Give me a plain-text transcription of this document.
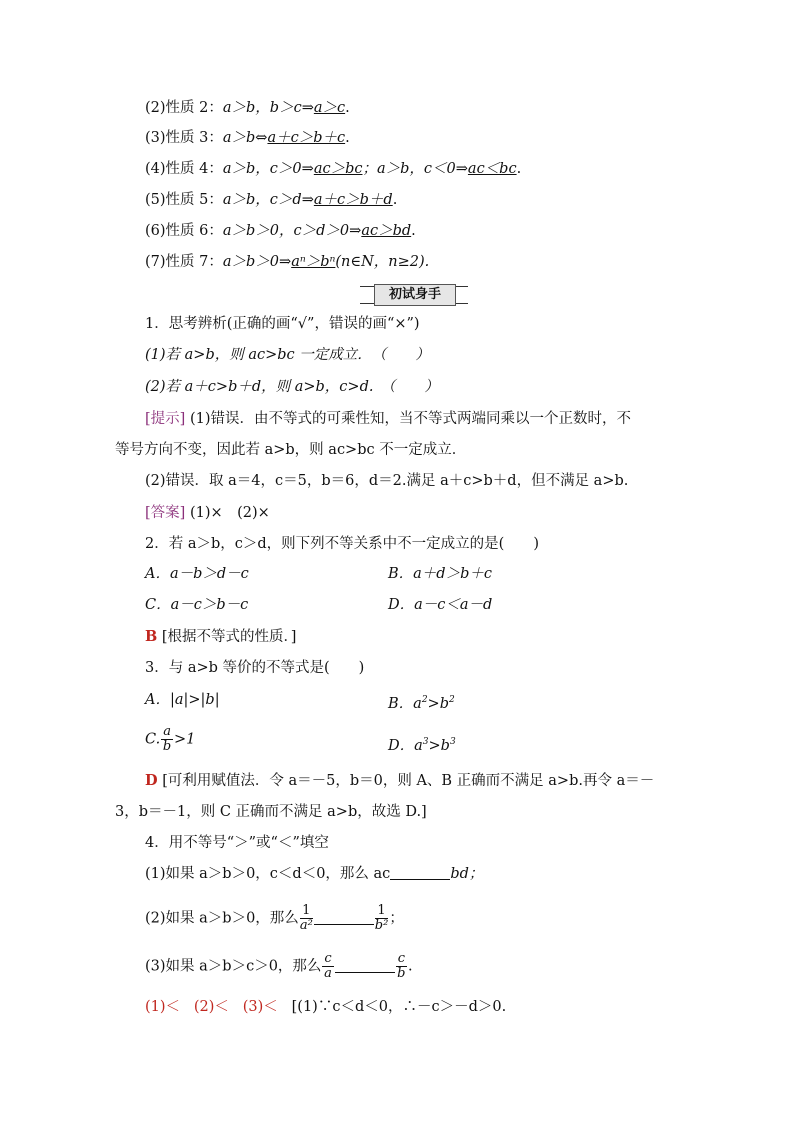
(2)性质 2：a＞b，b＞c⇒a＞c.
(3)性质 3：a＞b⇔a＋c＞b＋c.
(4)性质 4：a＞b，c＞0⇒ac＞bc；a＞b，c＜0⇒ac＜bc.
(5)性质 5：a＞b，c＞d⇒a＋c＞b＋d.
(6)性质 6：a＞b＞0，c＞d＞0⇒ac＞bd.
(7)性质 7：a＞b＞0⇒aⁿ＞bⁿ(n∈N，n≥2).
初试身手
1．思考辨析(正确的画“√”，错误的画“×”)
(1)若 a>b，则 ac>bc 一定成立．　（　　）
(2)若 a＋c>b＋d，则 a>b，c>d.　（　　）
[提示] (1)错误．由不等式的可乘性知，当不等式两端同乘以一个正数时，不
等号方向不变，因此若 a>b，则 ac>bc 不一定成立．
(2)错误．取 a＝4，c＝5，b＝6，d＝2.满足 a＋c>b＋d，但不满足 a>b.
[答案] (1)×　(2)×
2．若 a＞b，c＞d，则下列不等关系中不一定成立的是(　　)
A．a－b＞d－c	B．a＋d＞b＋c
C．a－c＞b－c	D．a－c＜a－d
B [根据不等式的性质．]
3．与 a>b 等价的不等式是(　　)
A．|a|>|b|	B．$a^2>b^2$
C. $\frac{a}{b} >1$	D．$a^3>b^3$
D [可利用赋值法．令 a＝－5，b＝0，则 A、B 正确而不满足 a>b.再令 a＝－
3，b＝－1，则 C 正确而不满足 a>b，故选 D.]
4．用不等号“＞”或“＜”填空
(1)如果 a＞b＞0，c＜d＜0，那么 ac	bd；
(2)如果 a＞b＞0，那么 $\frac{1}{\text{a²}}$	$\frac{1}{\text{b²}}$ ；
(3)如果 a＞b＞c＞0，那么 $\frac{c}{a}$	$\frac{c}{b}$ .
(1)＜ (2)＜ (3)＜ [(1)∵c＜d＜0，∴－c＞－d＞0.
